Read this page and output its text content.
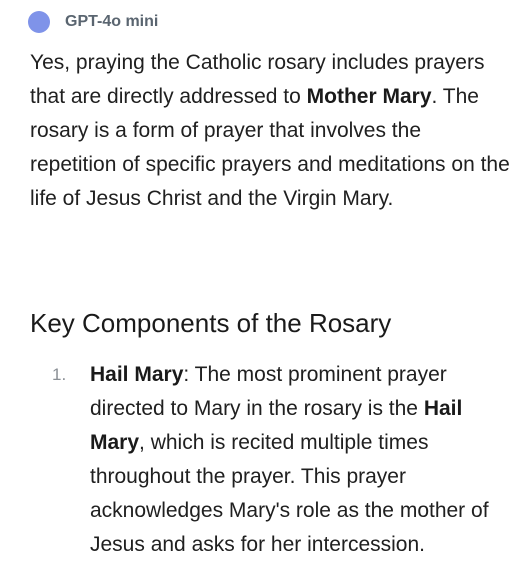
GPT-4o mini

Yes, praying the Catholic rosary includes prayers that are directly addressed to Mother Mary. The rosary is a form of prayer that involves the repetition of specific prayers and meditations on the life of Jesus Christ and the Virgin Mary.

Key Components of the Rosary
1. Hail Mary: The most prominent prayer directed to Mary in the rosary is the Hail Mary, which is recited multiple times throughout the prayer. This prayer acknowledges Mary's role as the mother of Jesus and asks for her intercession.
